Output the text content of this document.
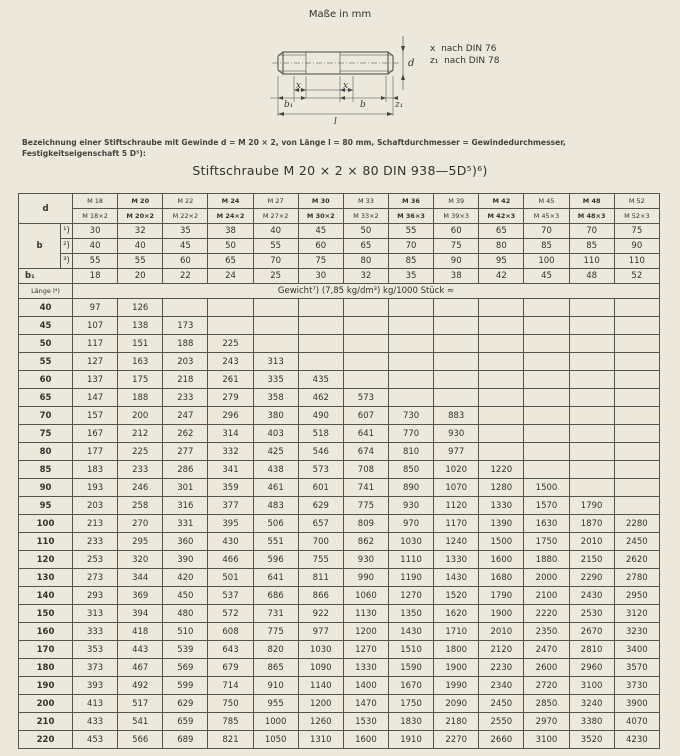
Maße in mm
d
x	x
b₁	b	z₁
l
x nach DIN 76
z₁ nach DIN 78
Bezeichnung einer Stiftschraube mit Gewinde d = M 20 × 2, von Länge l = 80 mm, Schaftdurchmesser = Gewindedurchmesser, Festigkeitseigenschaft 5 D⁵):
Stiftschraube M 20 × 2 × 80 DIN 938—5D⁵)⁶)
d		M 18	M 20	M 22	M 24	M 27	M 30	M 33	M 36	M 39	M 42	M 45	M 48	M 52
		M 18×2	M 20×2	M 22×2	M 24×2	M 27×2	M 30×2	M 33×2	M 36×3	M 39×3	M 42×3	M 45×3	M 48×3	M 52×3
b	¹)	30	32	35	38	40	45	50	55	60	65	70	70	75
	²)	40	40	45	50	55	60	65	70	75	80	85	85	90
	³)	55	55	60	65	70	75	80	85	90	95	100	110	110
b₁		18	20	22	24	25	30	32	35	38	42	45	48	52
Länge l⁴)		Gewicht⁷) (7,85 kg/dm³) kg/1000 Stück ≈												
40		97	126											
45		107	138	173										
50		117	151	188	225									
55		127	163	203	243	313								
60		137	175	218	261	335	435							
65		147	188	233	279	358	462	573						
70		157	200	247	296	380	490	607	730	883				
75		167	212	262	314	403	518	641	770	930				
80		177	225	277	332	425	546	674	810	977				
85		183	233	286	341	438	573	708	850	1020	1220			
90		193	246	301	359	461	601	741	890	1070	1280	1500		
95		203	258	316	377	483	629	775	930	1120	1330	1570	1790	
100		213	270	331	395	506	657	809	970	1170	1390	1630	1870	2280
110		233	295	360	430	551	700	862	1030	1240	1500	1750	2010	2450
120		253	320	390	466	596	755	930	1110	1330	1600	1880	2150	2620
130		273	344	420	501	641	811	990	1190	1430	1680	2000	2290	2780
140		293	369	450	537	686	866	1060	1270	1520	1790	2100	2430	2950
150		313	394	480	572	731	922	1130	1350	1620	1900	2220	2530	3120
160		333	418	510	608	775	977	1200	1430	1710	2010	2350	2670	3230
170		353	443	539	643	820	1030	1270	1510	1800	2120	2470	2810	3400
180		373	467	569	679	865	1090	1330	1590	1900	2230	2600	2960	3570
190		393	492	599	714	910	1140	1400	1670	1990	2340	2720	3100	3730
200		413	517	629	750	955	1200	1470	1750	2090	2450	2850	3240	3900
210		433	541	659	785	1000	1260	1530	1830	2180	2550	2970	3380	4070
220		453	566	689	821	1050	1310	1600	1910	2270	2660	3100	3520	4230
